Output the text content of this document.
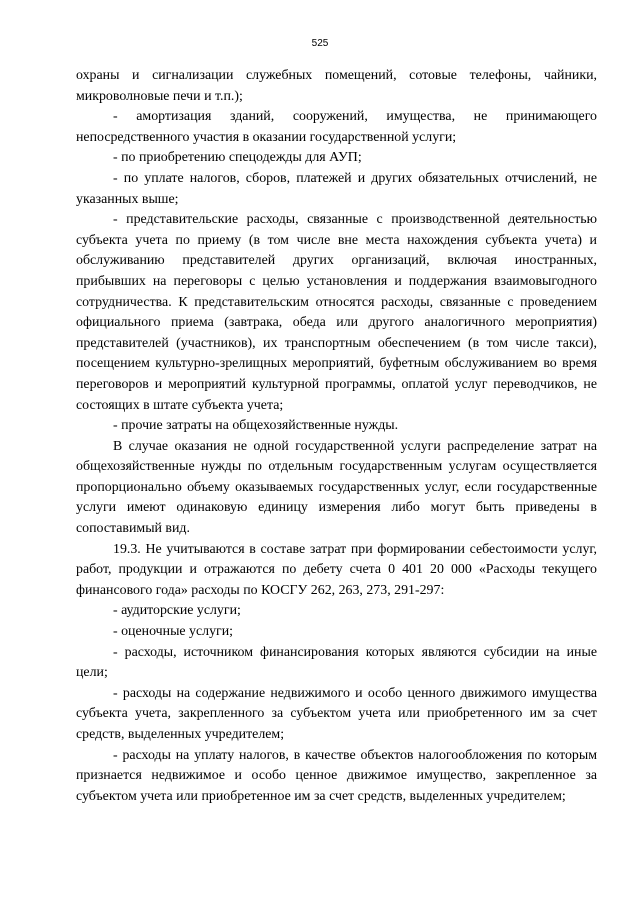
525

охраны и сигнализации служебных помещений, сотовые телефоны, чайники, микроволновые печи и т.п.);

- амортизация зданий, сооружений, имущества, не принимающего непосредственного участия в оказании государственной услуги;

- по приобретению спецодежды для АУП;

- по уплате налогов, сборов, платежей и других обязательных отчислений, не указанных выше;

- представительские расходы, связанные с производственной деятельностью субъекта учета по приему (в том числе вне места нахождения субъекта учета) и обслуживанию представителей других организаций, включая иностранных, прибывших на переговоры с целью установления и поддержания взаимовыгодного сотрудничества. К представительским относятся расходы, связанные с проведением официального приема (завтрака, обеда или другого аналогичного мероприятия) представителей (участников), их транспортным обеспечением (в том числе такси), посещением культурно-зрелищных мероприятий, буфетным обслуживанием во время переговоров и мероприятий культурной программы, оплатой услуг переводчиков, не состоящих в штате субъекта учета;

- прочие затраты на общехозяйственные нужды.

В случае оказания не одной государственной услуги распределение затрат на общехозяйственные нужды по отдельным государственным услугам осуществляется пропорционально объему оказываемых государственных услуг, если государственные услуги имеют одинаковую единицу измерения либо могут быть приведены в сопоставимый вид.

19.3. Не учитываются в составе затрат при формировании себестоимости услуг, работ, продукции и отражаются по дебету счета 0 401 20 000 «Расходы текущего финансового года» расходы по КОСГУ 262, 263, 273, 291-297:

- аудиторские услуги;

- оценочные услуги;

- расходы, источником финансирования которых являются субсидии на иные цели;

- расходы на содержание недвижимого и особо ценного движимого имущества субъекта учета, закрепленного за субъектом учета или приобретенного им за счет средств, выделенных учредителем;

- расходы на уплату налогов, в качестве объектов налогообложения по которым признается недвижимое и особо ценное движимое имущество, закрепленное за субъектом учета или приобретенное им за счет средств, выделенных учредителем;
